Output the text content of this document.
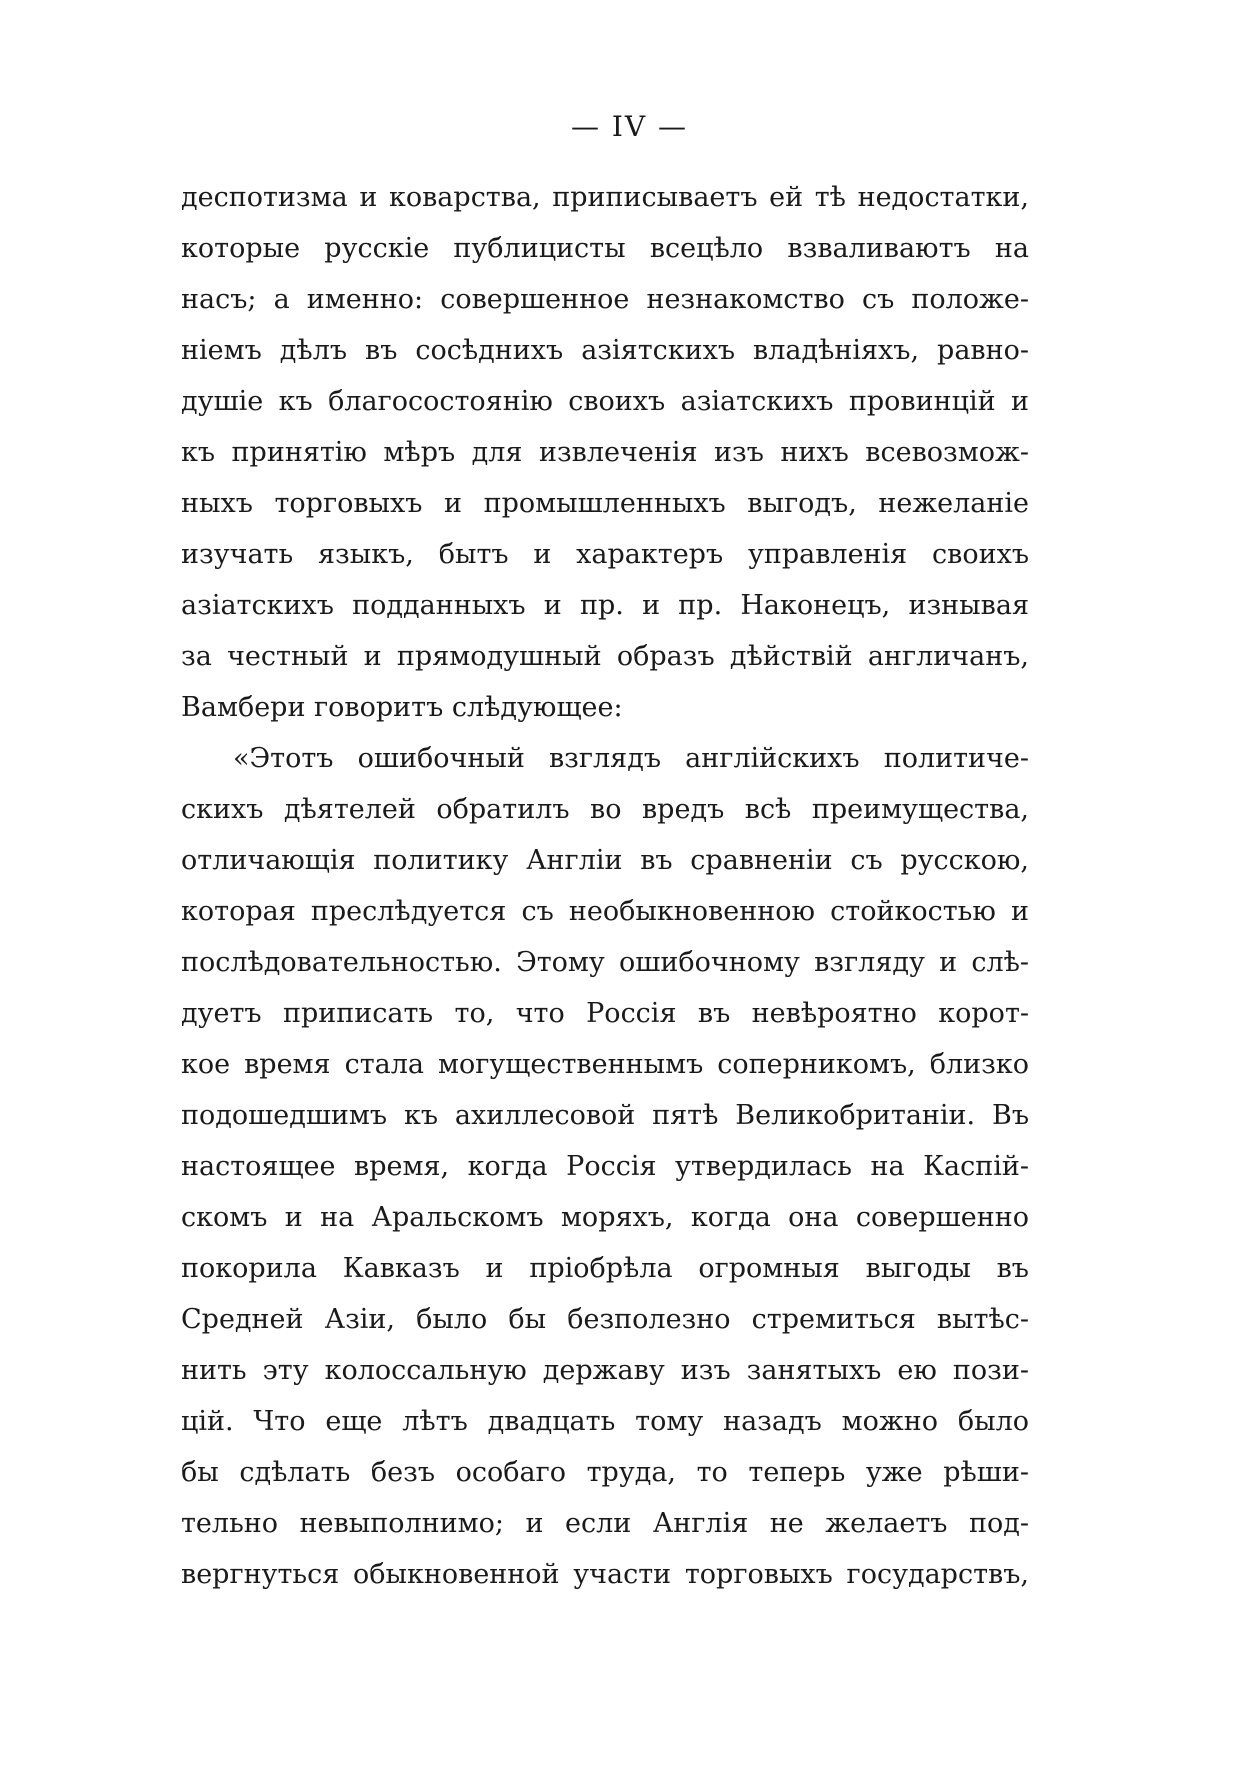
— IV —
деспотизма и коварства, приписываетъ ей тѣ недостатки,
которые русскіе публицисты всецѣло взваливаютъ на
насъ; а именно: совершенное незнакомство съ положе-
ніемъ дѣлъ въ сосѣднихъ азіятскихъ владѣніяхъ, равно-
душіе къ благосостоянію своихъ азіатскихъ провинцій и
къ принятію мѣръ для извлеченія изъ нихъ всевозмож-
ныхъ торговыхъ и промышленныхъ выгодъ, нежеланіе
изучать языкъ, бытъ и характеръ управленія своихъ
азіатскихъ подданныхъ и пр. и пр. Наконецъ, изнывая
за честный и прямодушный образъ дѣйствій англичанъ,
Вамбери говоритъ слѣдующее:
«Этотъ ошибочный взглядъ англійскихъ политиче-
скихъ дѣятелей обратилъ во вредъ всѣ преимущества,
отличающія политику Англіи въ сравненіи съ русскою,
которая преслѣдуется съ необыкновенною стойкостью и
послѣдовательностью. Этому ошибочному взгляду и слѣ-
дуетъ приписать то, что Россія въ невѣроятно корот-
кое время стала могущественнымъ соперникомъ, близко
подошедшимъ къ ахиллесовой пятѣ Великобританіи. Въ
настоящее время, когда Россія утвердилась на Каспій-
скомъ и на Аральскомъ моряхъ, когда она совершенно
покорила Кавказъ и пріобрѣла огромныя выгоды въ
Средней Азіи, было бы безполезно стремиться вытѣс-
нить эту колоссальную державу изъ занятыхъ ею пози-
цій. Что еще лѣтъ двадцать тому назадъ можно было
бы сдѣлать безъ особаго труда, то теперь уже рѣши-
тельно невыполнимо; и если Англія не желаетъ под-
вергнуться обыкновенной участи торговыхъ государствъ,
